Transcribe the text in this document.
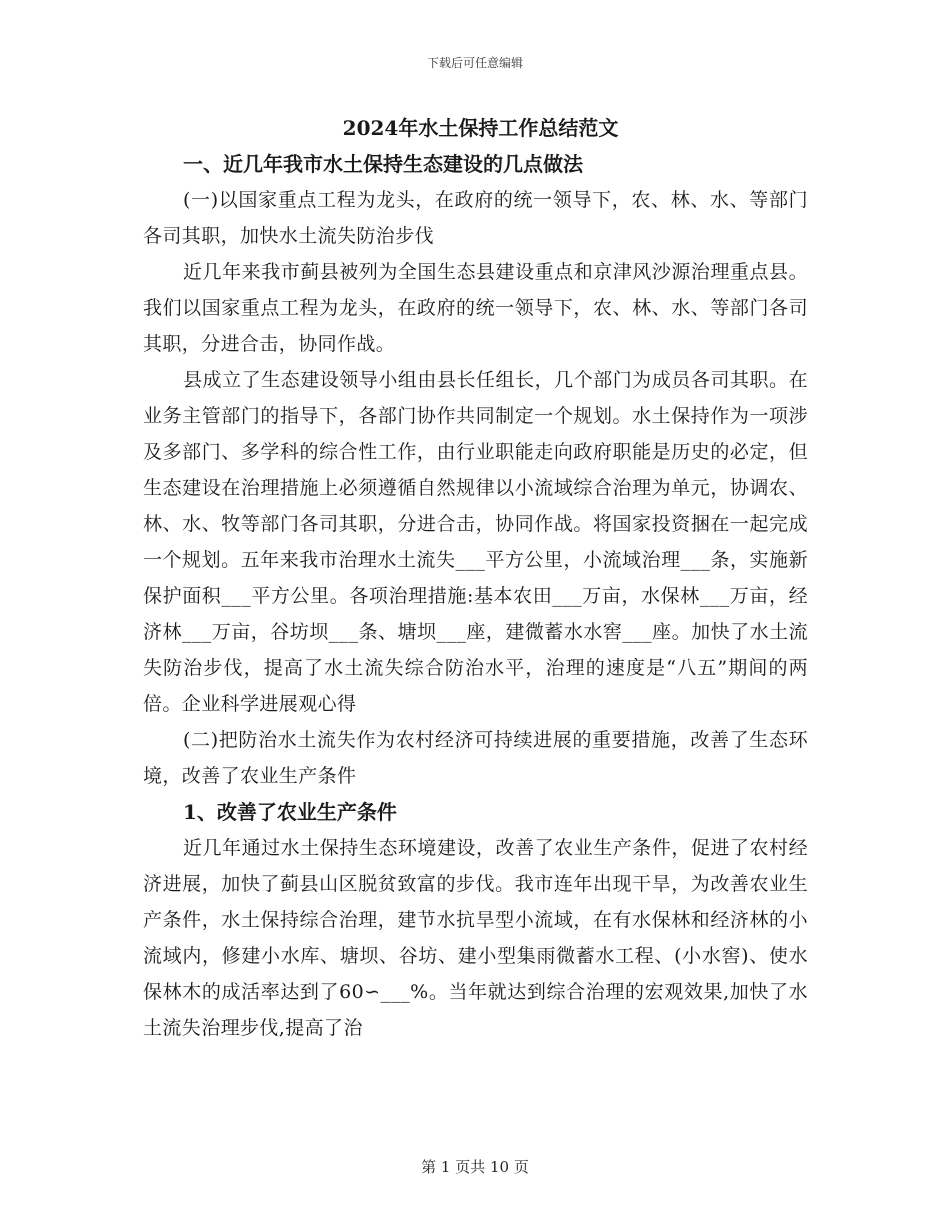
下载后可任意编辑
2024年水土保持工作总结范文
一、近几年我市水土保持生态建设的几点做法

(一)以国家重点工程为龙头，在政府的统一领导下，农、林、水、等部门各司其职，加快水土流失防治步伐

近几年来我市蓟县被列为全国生态县建设重点和京津风沙源治理重点县。我们以国家重点工程为龙头，在政府的统一领导下，农、林、水、等部门各司其职，分进合击，协同作战。

县成立了生态建设领导小组由县长任组长，几个部门为成员各司其职。在业务主管部门的指导下，各部门协作共同制定一个规划。水土保持作为一项涉及多部门、多学科的综合性工作，由行业职能走向政府职能是历史的必定，但生态建设在治理措施上必须遵循自然规律以小流域综合治理为单元，协调农、林、水、牧等部门各司其职，分进合击，协同作战。将国家投资捆在一起完成一个规划。五年来我市治理水土流失___平方公里，小流域治理___条，实施新保护面积___平方公里。各项治理措施:基本农田___万亩，水保林___万亩，经济林___万亩，谷坊坝___条、塘坝___座，建微蓄水水窖___座。加快了水土流失防治步伐，提高了水土流失综合防治水平，治理的速度是“八五”期间的两倍。企业科学进展观心得

(二)把防治水土流失作为农村经济可持续进展的重要措施，改善了生态环境，改善了农业生产条件

1、改善了农业生产条件

近几年通过水土保持生态环境建设，改善了农业生产条件，促进了农村经济进展，加快了蓟县山区脱贫致富的步伐。我市连年出现干旱，为改善农业生产条件，水土保持综合治理，建节水抗旱型小流域，在有水保林和经济林的小流域内，修建小水库、塘坝、谷坊、建小型集雨微蓄水工程、(小水窖)、使水保林木的成活率达到了60∽___%。当年就达到综合治理的宏观效果,加快了水土流失治理步伐,提高了治

第 1 页共 10 页
